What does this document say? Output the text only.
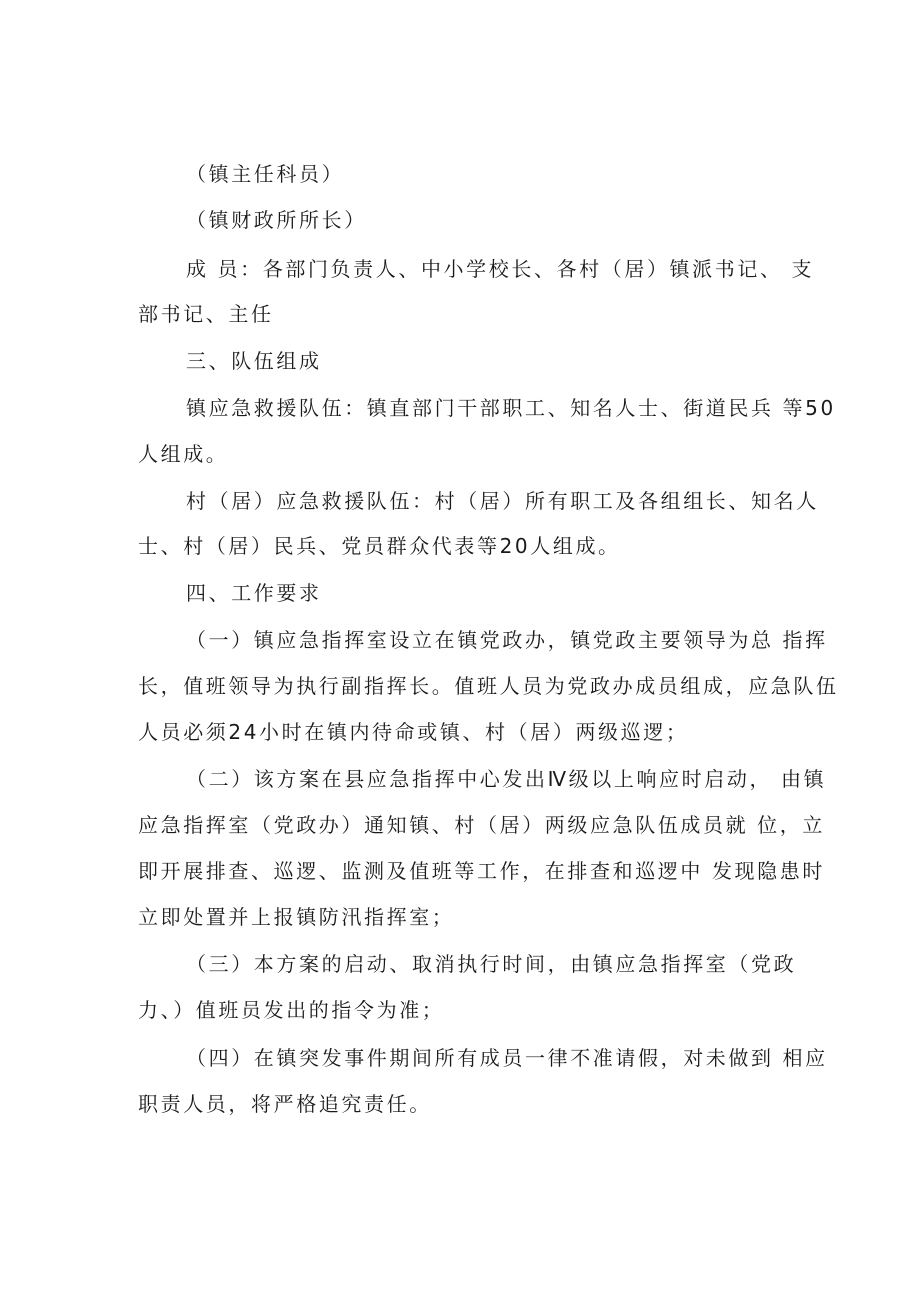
（镇主任科员）
（镇财政所所长）
成 员：各部门负责人、中小学校长、各村（居）镇派书记、 支
部书记、主任
三、队伍组成
镇应急救援队伍：镇直部门干部职工、知名人士、街道民兵 等50
人组成。
村（居）应急救援队伍：村（居）所有职工及各组组长、知名人
士、村（居）民兵、党员群众代表等20人组成。
四、工作要求
（一）镇应急指挥室设立在镇党政办，镇党政主要领导为总 指挥
长，值班领导为执行副指挥长。值班人员为党政办成员组成，应急队伍
人员必须24小时在镇内待命或镇、村（居）两级巡逻；
（二）该方案在县应急指挥中心发出Ⅳ级以上响应时启动， 由镇
应急指挥室（党政办）通知镇、村（居）两级应急队伍成员就 位，立
即开展排查、巡逻、监测及值班等工作，在排查和巡逻中 发现隐患时
立即处置并上报镇防汛指挥室；
（三）本方案的启动、取消执行时间，由镇应急指挥室（党政
力、）值班员发出的指令为准；
（四）在镇突发事件期间所有成员一律不准请假，对未做到 相应
职责人员，将严格追究责任。
